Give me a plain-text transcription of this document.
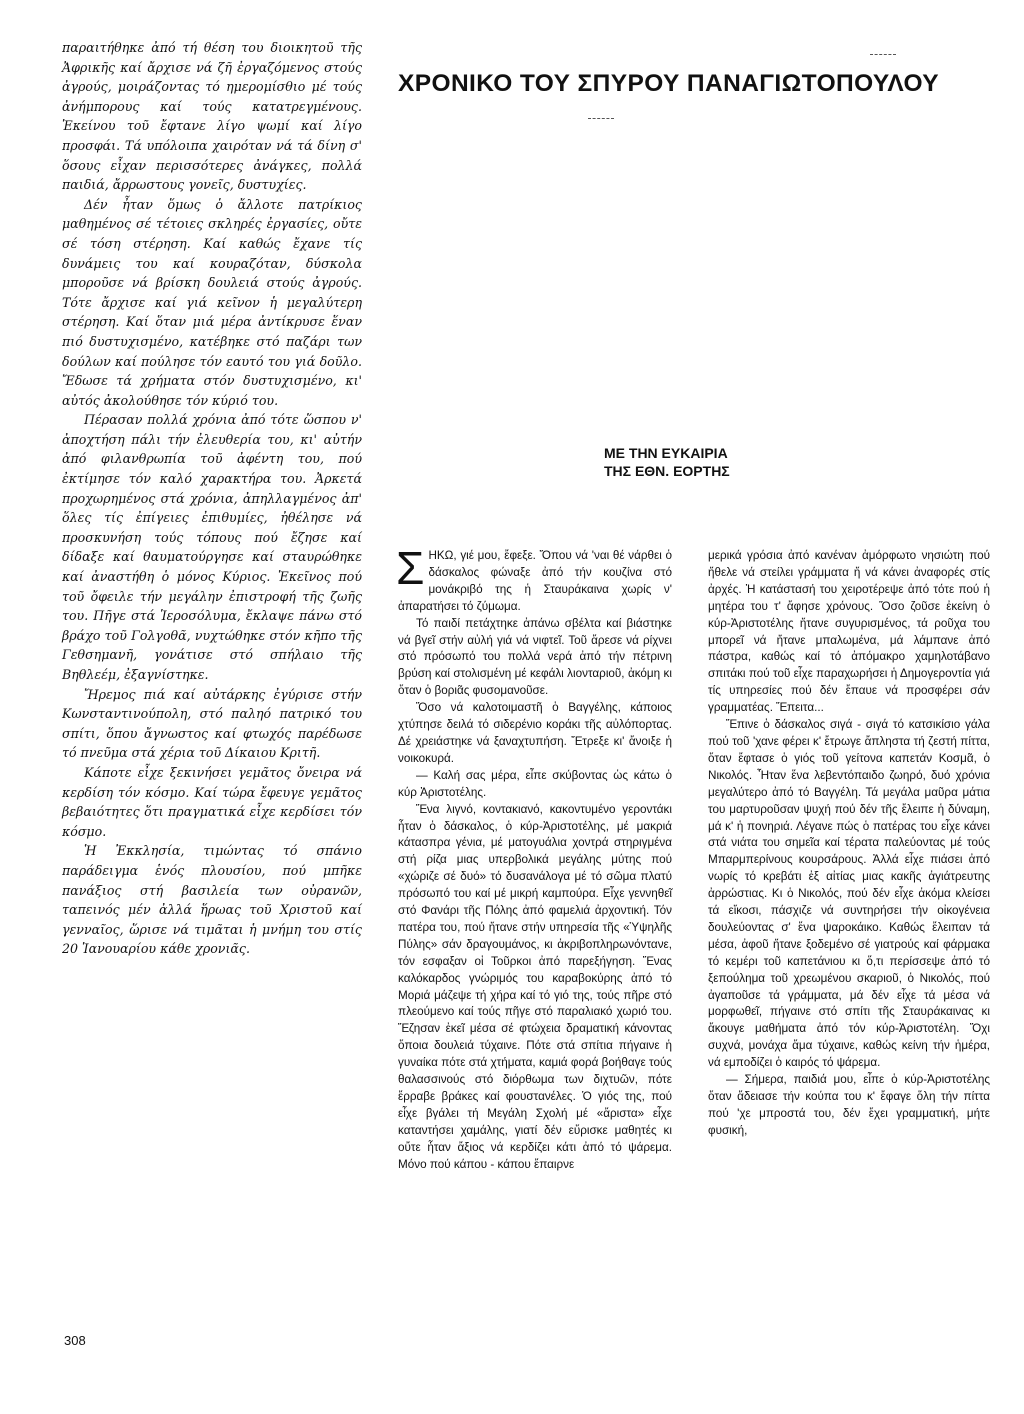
παραιτήθηκε ἀπό τή θέση του διοικητοῦ τῆς Ἀφρικῆς καί ἄρχισε νά ζῆ ἐργαζόμενος στούς ἀγρούς, μοιράζοντας τό ημερομίσθιο μέ τούς ἀνήμπορους καί τούς κατατρεγμένους. Ἐκείνου τοῦ ἔφτανε λίγο ψωμί καί λίγο προσφάι. Τά υπόλοιπα χαιρόταν νά τά δίνη σ' ὅσους εἶχαν περισσότερες ἀνάγκες, πολλά παιδιά, ἄρρωστους γονεῖς, δυστυχίες.

Δέν ἦταν ὅμως ὁ ἄλλοτε πατρίκιος μαθημένος σέ τέτοιες σκληρές ἐργασίες, οὔτε σέ τόση στέρηση. Καί καθώς ἔχανε τίς δυνάμεις του καί κουραζόταν, δύσκολα μποροῦσε νά βρίσκη δουλειά στούς ἀγρούς. Τότε ἄρχισε καί γιά κεῖνον ἡ μεγαλύτερη στέρηση. Καί ὅταν μιά μέρα ἀντίκρυσε ἕναν πιό δυστυχισμένο, κατέβηκε στό παζάρι των δούλων καί πούλησε τόν εαυτό του γιά δοῦλο. Ἔδωσε τά χρήματα στόν δυστυχισμένο, κι' αὐτός ἀκολούθησε τόν κύριό του.

Πέρασαν πολλά χρόνια ἀπό τότε ὥσπου ν' ἀποχτήση πάλι τήν ἐλευθερία του, κι' αὐτήν ἀπό φιλανθρωπία τοῦ ἀφέντη του, πού ἐκτίμησε τόν καλό χαρακτήρα του. Ἀρκετά προχωρημένος στά χρόνια, ἀπηλλαγμένος ἀπ' ὅλες τίς ἐπίγειες ἐπιθυμίες, ἠθέλησε νά προσκυνήση τούς τόπους πού ἔζησε καί δίδαξε καί θαυματούργησε καί σταυρώθηκε καί ἀναστήθη ὁ μόνος Κύριος. Ἐκεῖνος πού τοῦ ὄφειλε τήν μεγάλην ἐπιστροφή τῆς ζωῆς του. Πῆγε στά Ἱεροσόλυμα, ἔκλαψε πάνω στό βράχο τοῦ Γολγοθᾶ, νυχτώθηκε στόν κῆπο τῆς Γεθσημανῆ, γονάτισε στό σπήλαιο τῆς Βηθλεέμ, ἐξαγνίστηκε.

Ἤρεμος πιά καί αὐτάρκης ἐγύρισε στήν Κωνσταντινούπολη, στό παληό πατρικό του σπίτι, ὅπου ἄγνωστος καί φτωχός παρέδωσε τό πνεῦμα στά χέρια τοῦ Δίκαιου Κριτῆ.

Κάποτε εἶχε ξεκινήσει γεμᾶτος ὄνειρα νά κερδίση τόν κόσμο. Καί τώρα ἔφευγε γεμᾶτος βεβαιότητες ὅτι πραγματικά εἶχε κερδίσει τόν κόσμο.

Ἡ Ἐκκλησία, τιμώντας τό σπάνιο παράδειγμα ἑνός πλουσίου, πού μπῆκε πανάξιος στή βασιλεία των οὐρανῶν, ταπεινός μέν ἀλλά ἥρωας τοῦ Χριστοῦ καί γενναῖος, ὥρισε νά τιμᾶται ἡ μνήμη του στίς 20 Ἰανουαρίου κάθε χρονιᾶς.

ΧΡΟΝΙΚΟ ΤΟΥ ΣΠΥΡΟΥ ΠΑΝΑΓΙΩΤΟΠΟΥΛΟΥ
ΜΕ ΤΗΝ ΕΥΚΑΙΡΙΑ
ΤΗΣ ΕΘΝ. ΕΟΡΤΗΣ

ΣΗΚΩ, γιέ μου, ἔφεξε. Ὅπου νά 'ναι θέ νάρθει ὁ δάσκαλος φώναξε ἀπό τήν κουζίνα στό μονάκριβό της ἡ Σταυράκαινα χωρίς ν' ἀπαρατήσει τό ζύμωμα.

Τό παιδί πετάχτηκε ἀπάνω σβέλτα καί βιάστηκε νά βγεῖ στήν αὐλή γιά νά νιφτεῖ. Τοῦ ἄρεσε νά ρίχνει στό πρόσωπό του πολλά νερά ἀπό τήν πέτρινη βρύση καί στολισμένη μέ κεφάλι λιονταριοῦ, ἀκόμη κι ὅταν ὁ βοριᾶς φυσομανοῦσε.

Ὅσο νά καλοτοιμαστῆ ὁ Βαγγέλης, κάποιος χτύπησε δειλά τό σιδερένιο κοράκι τῆς αὐλόπορτας. Δέ χρειάστηκε νά ξαναχτυπήση. Ἔτρεξε κι' ἄνοιξε ἡ νοικοκυρά.

— Καλή σας μέρα, εἶπε σκύβοντας ὡς κάτω ὁ κύρ Ἀριστοτέλης.

Ἕνα λιγνό, κοντακιανό, κακοντυμένο γεροντάκι ἦταν ὁ δάσκαλος, ὁ κύρ-Ἀριστοτέλης, μέ μακριά κάτασπρα γένια, μέ ματογυάλια χοντρά στηριγμένα στή ρίζα μιας υπερβολικά μεγάλης μύτης πού «χώριζε σέ δυό» τό δυσανάλογα μέ τό σῶμα πλατύ πρόσωπό του καί μέ μικρή καμπούρα. Εἶχε γεννηθεῖ στό Φανάρι τῆς Πόλης ἀπό φαμελιά ἀρχοντική. Τόν πατέρα του, πού ἤτανε στήν υπηρεσία τῆς «Ὑψηλῆς Πύλης» σάν δραγουμάνος, κι ἀκριβοπληρωνόντανε, τόν εσφαξαν οἱ Τοῦρκοι ἀπό παρεξήγηση. Ἕνας καλόκαρδος γνώριμός του καραβοκύρης ἀπό τό Μοριά μάζεψε τή χήρα καί τό γιό της, τούς πῆρε στό πλεούμενο καί τούς πῆγε στό παραλιακό χωριό του. Ἔζησαν ἐκεῖ μέσα σέ φτώχεια δραματική κάνοντας ὅποια δουλειά τύχαινε. Πότε στά σπίτια πήγαινε ἡ γυναίκα πότε στά χτήματα, καμιά φορά βοήθαγε τούς θαλασσινούς στό διόρθωμα των διχτυῶν, πότε ἔρραβε βράκες καί φουστανέλες. Ὁ γιός της, πού εἶχε βγάλει τή Μεγάλη Σχολή μέ «ἄριστα» εἶχε καταντήσει χαμάλης, γιατί δέν εὕρισκε μαθητές κι οὔτε ἦταν ἄξιος νά κερδίζει κάτι ἀπό τό ψάρεμα. Μόνο πού κάπου - κάπου ἔπαιρνε

μερικά γρόσια ἀπό κανέναν ἀμόρφωτο νησιώτη πού ἤθελε νά στείλει γράμματα ἤ νά κάνει ἀναφορές στίς ἀρχές. Ἡ κατάστασή του χειροτέρεψε ἀπό τότε πού ἡ μητέρα του τ' ἄφησε χρόνους. Ὅσο ζοῦσε ἐκείνη ὁ κύρ-Ἀριστοτέλης ἤτανε συγυρισμένος, τά ροῦχα του μπορεῖ νά ἤτανε μπαλωμένα, μά λάμπανε ἀπό πάστρα, καθώς καί τό ἀπόμακρο χαμηλοτάβανο σπιτάκι πού τοῦ εἶχε παραχωρήσει ἡ Δημογεροντία γιά τίς υπηρεσίες πού δέν ἔπαυε νά προσφέρει σάν γραμματέας. Ἔπειτα...

Ἔπινε ὁ δάσκαλος σιγά - σιγά τό κατσικίσιο γάλα πού τοῦ 'χανε φέρει κ' ἔτρωγε ἄπληστα τή ζεστή πίττα, ὅταν ἔφτασε ὁ γιός τοῦ γείτονα καπετάν Κοσμᾶ, ὁ Νικολός. Ἦταν ἕνα λεβεντόπαιδο ζωηρό, δυό χρόνια μεγαλύτερο ἀπό τό Βαγγέλη. Τά μεγάλα μαῦρα μάτια του μαρτυροῦσαν ψυχή πού δέν τῆς ἔλειπε ἡ δύναμη, μά κ' ἡ πονηριά. Λέγανε πώς ὁ πατέρας του εἶχε κάνει στά νιάτα του σημεῖα καί τέρατα παλεύοντας μέ τούς Μπαρμπερίνους κουρσάρους. Ἀλλά εἶχε πιάσει ἀπό νωρίς τό κρεβάτι ἐξ αἰτίας μιας κακῆς ἀγιάτρευτης ἀρρώστιας. Κι ὁ Νικολός, πού δέν εἶχε ἀκόμα κλείσει τά εἴκοσι, πάσχιζε νά συντηρήσει τήν οἰκογένεια δουλεύοντας σ' ἕνα ψαροκάικο. Καθώς ἔλειπαν τά μέσα, ἀφοῦ ἤτανε ξοδεμένο σέ γιατρούς καί φάρμακα τό κεμέρι τοῦ καπετάνιου κι ὅ,τι περίσσεψε ἀπό τό ξεπούλημα τοῦ χρεωμένου σκαριοῦ, ὁ Νικολός, πού ἀγαποῦσε τά γράμματα, μά δέν εἶχε τά μέσα νά μορφωθεῖ, πήγαινε στό σπίτι τῆς Σταυράκαινας κι ἄκουγε μαθήματα ἀπό τόν κύρ-Ἀριστοτέλη. Ὄχι συχνά, μονάχα ἅμα τύχαινε, καθώς κείνη τήν ἡμέρα, νά εμποδίζει ὁ καιρός τό ψάρεμα.

— Σήμερα, παιδιά μου, εἶπε ὁ κύρ-Ἀριστοτέλης ὅταν ἄδειασε τήν κούπα του κ' ἔφαγε ὅλη τήν πίττα πού 'χε μπροστά του, δέν ἔχει γραμματική, μήτε φυσική,

308
